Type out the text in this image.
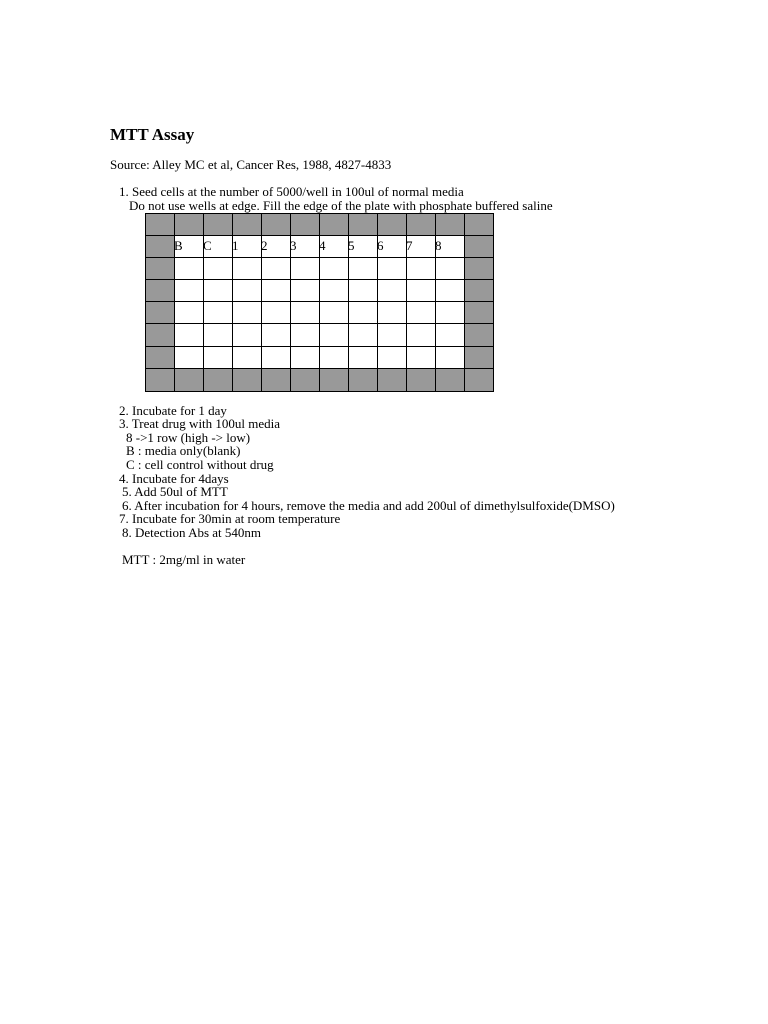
MTT Assay
Source: Alley MC et al, Cancer Res, 1988, 4827-4833
1. Seed cells at the number of 5000/well in 100ul of normal media
Do not use wells at edge. Fill the edge of the plate with phosphate buffered saline
B C 1 2 3 4 5 6 7 8
2. Incubate for 1 day
3. Treat drug with 100ul media
8 ->1 row (high -> low)
B : media only(blank)
C : cell control without drug
4. Incubate for 4days
5. Add 50ul of MTT
6. After incubation for 4 hours, remove the media and add 200ul of dimethylsulfoxide(DMSO)
7. Incubate for 30min at room temperature
8. Detection Abs at 540nm
MTT : 2mg/ml in water
